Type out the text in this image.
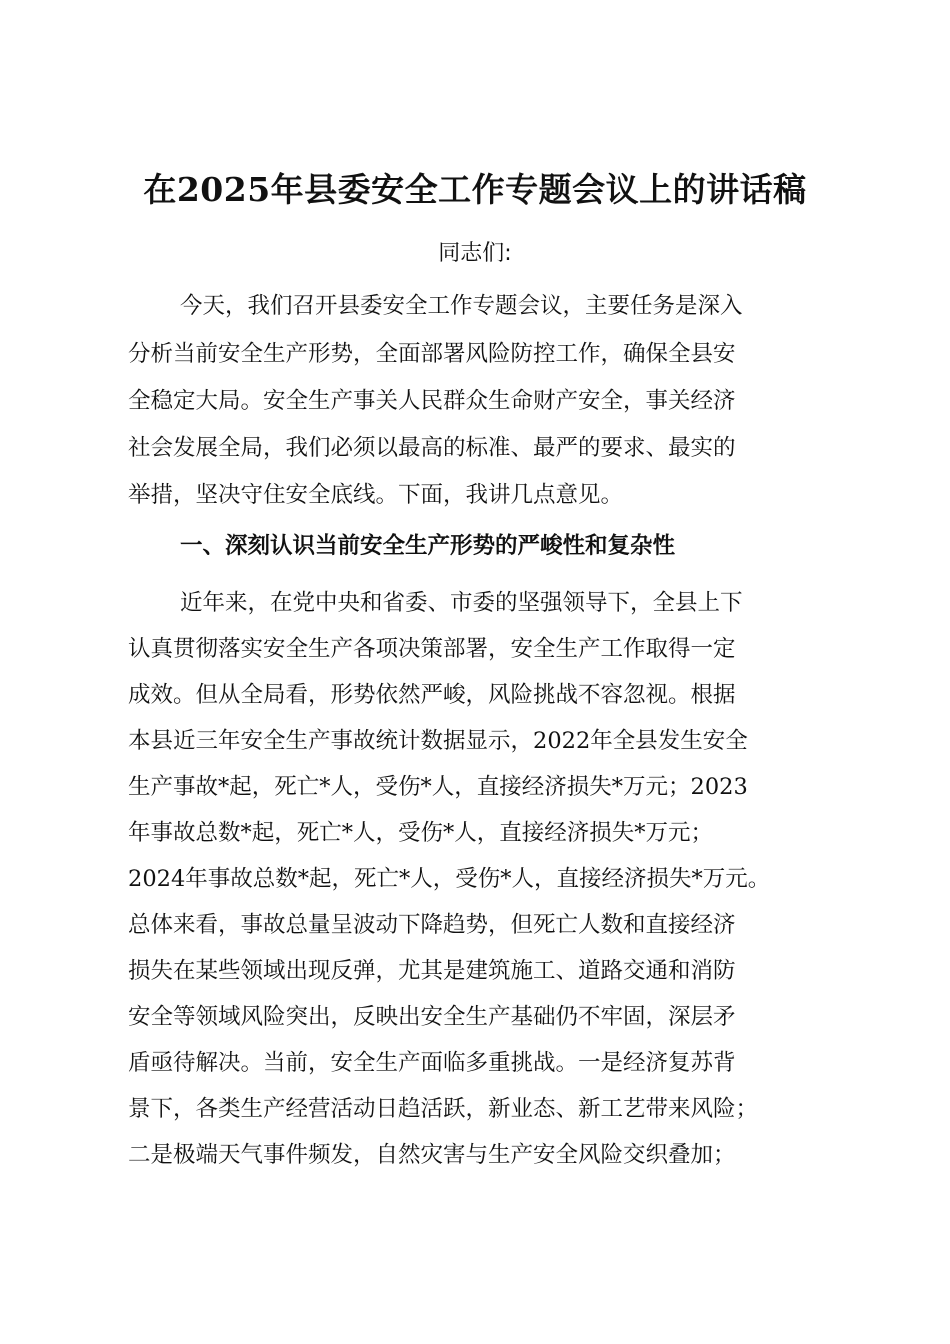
在2025年县委安全工作专题会议上的讲话稿
同志们:
今天，我们召开县委安全工作专题会议，主要任务是深入
分析当前安全生产形势，全面部署风险防控工作，确保全县安
全稳定大局。安全生产事关人民群众生命财产安全，事关经济
社会发展全局，我们必须以最高的标准、最严的要求、最实的
举措，坚决守住安全底线。下面，我讲几点意见。
一、深刻认识当前安全生产形势的严峻性和复杂性
近年来，在党中央和省委、市委的坚强领导下，全县上下
认真贯彻落实安全生产各项决策部署，安全生产工作取得一定
成效。但从全局看，形势依然严峻，风险挑战不容忽视。根据
本县近三年安全生产事故统计数据显示，2022年全县发生安全
生产事故*起，死亡*人，受伤*人，直接经济损失*万元；2023
年事故总数*起，死亡*人，受伤*人，直接经济损失*万元；
2024年事故总数*起，死亡*人，受伤*人，直接经济损失*万元。
总体来看，事故总量呈波动下降趋势，但死亡人数和直接经济
损失在某些领域出现反弹，尤其是建筑施工、道路交通和消防
安全等领域风险突出，反映出安全生产基础仍不牢固，深层矛
盾亟待解决。当前，安全生产面临多重挑战。一是经济复苏背
景下，各类生产经营活动日趋活跃，新业态、新工艺带来风险；
二是极端天气事件频发，自然灾害与生产安全风险交织叠加；
